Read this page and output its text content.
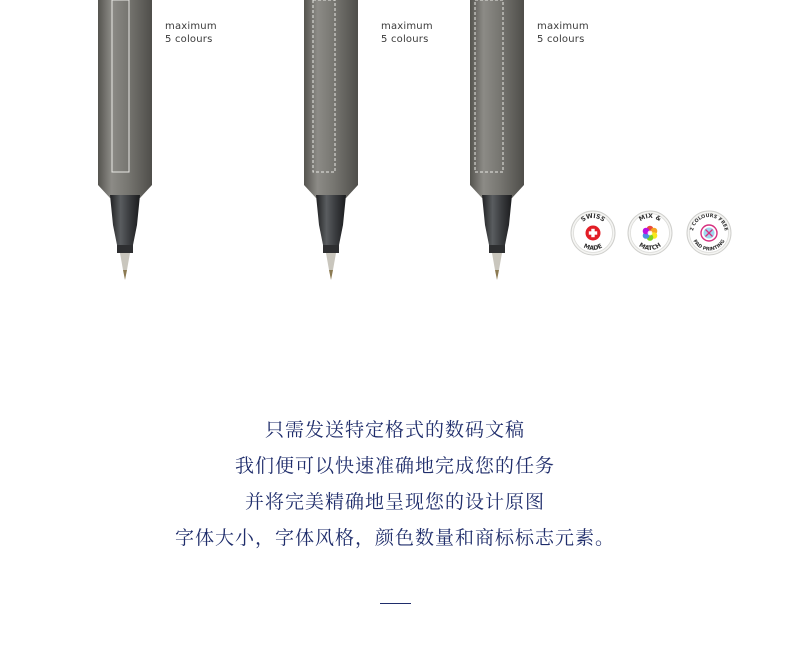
maximum
5 colours
maximum
5 colours
maximum
5 colours
SWISS
MADE
MIX &
MATCH
2 COLOURS FREE
PAD PRINTING
只需发送特定格式的数码文稿
我们便可以快速准确地完成您的任务
并将完美精确地呈现您的设计原图
字体大小，字体风格，颜色数量和商标标志元素。
